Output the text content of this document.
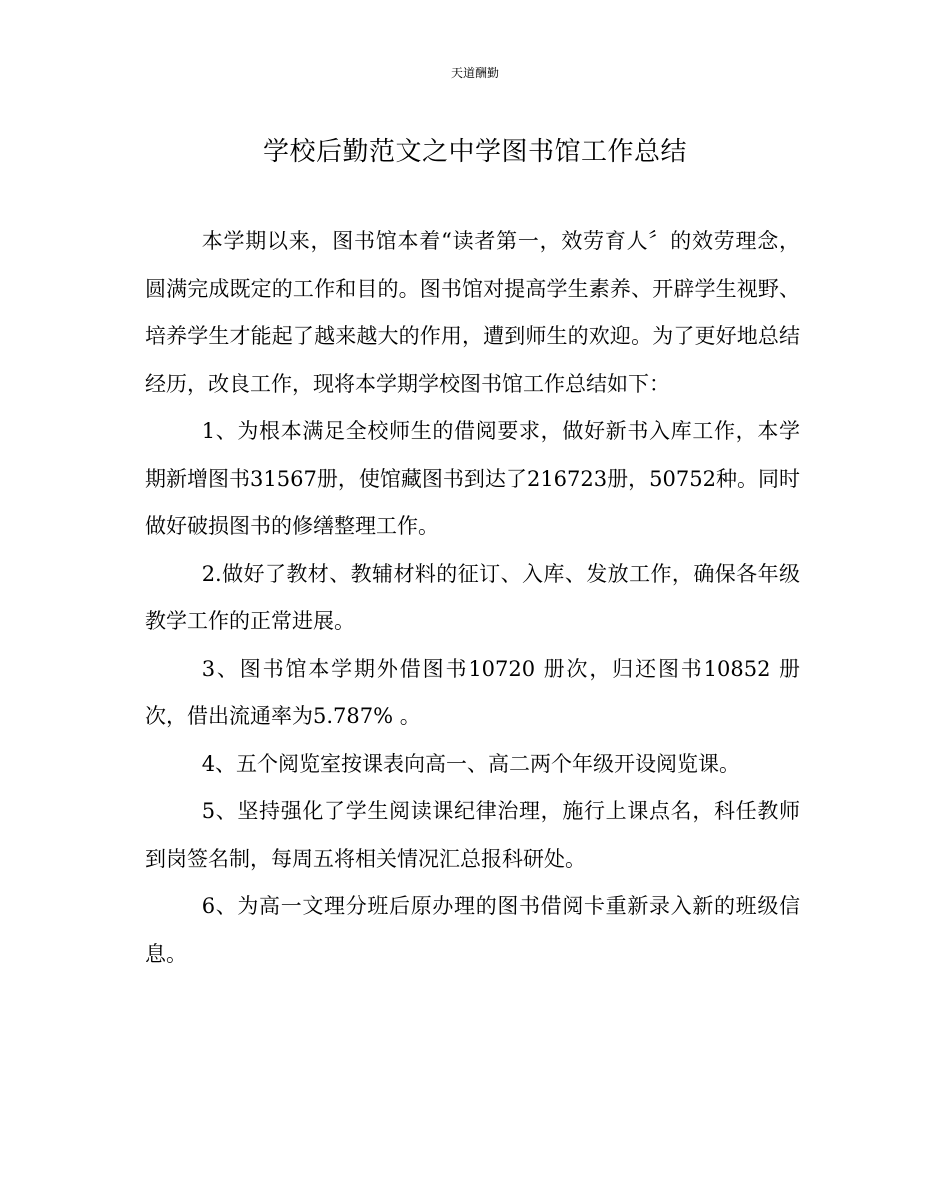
天道酬勤
学校后勤范文之中学图书馆工作总结

本学期以来，图书馆本着“读者第一，效劳育人〞的效劳理念，圆满完成既定的工作和目的。图书馆对提高学生素养、开辟学生视野、培养学生才能起了越来越大的作用，遭到师生的欢迎。为了更好地总结经历，改良工作，现将本学期学校图书馆工作总结如下：

1、为根本满足全校师生的借阅要求，做好新书入库工作，本学期新增图书31567册，使馆藏图书到达了216723册，50752种。同时做好破损图书的修缮整理工作。

2.做好了教材、教辅材料的征订、入库、发放工作，确保各年级教学工作的正常进展。

3、图书馆本学期外借图书10720 册次，归还图书10852 册次，借出流通率为5.787% 。

4、五个阅览室按课表向高一、高二两个年级开设阅览课。

5、坚持强化了学生阅读课纪律治理，施行上课点名，科任教师到岗签名制，每周五将相关情况汇总报科研处。

6、为高一文理分班后原办理的图书借阅卡重新录入新的班级信息。
